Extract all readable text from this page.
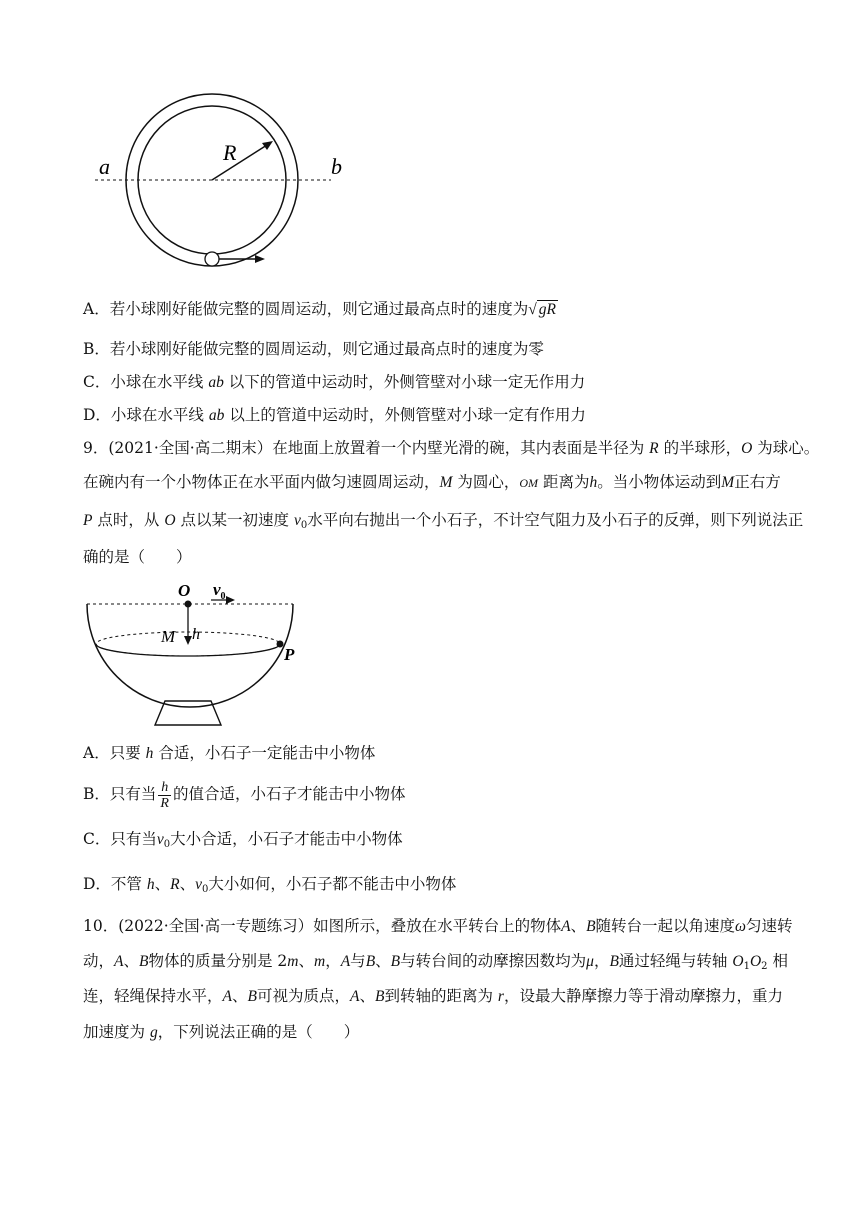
a	b
R
A．若小球刚好能做完整的圆周运动，则它通过最高点时的速度为√ gR
B．若小球刚好能做完整的圆周运动，则它通过最高点时的速度为零
C．小球在水平线 ab 以下的管道中运动时，外侧管壁对小球一定无作用力
D．小球在水平线 ab 以上的管道中运动时，外侧管壁对小球一定有作用力
9．(2021·全国·高二期末）在地面上放置着一个内壁光滑的碗，其内表面是半径为 R 的半球形，O 为球心。
在碗内有一个小物体正在水平面内做匀速圆周运动，M 为圆心，OM 距离为h。当小物体运动到M正右方
P 点时，从 O 点以某一初速度 $v_0$水平向右抛出一个小石子，不计空气阻力及小石子的反弹，则下列说法正
确的是（　　）
O $v_0$
M h
P
A．只要 h 合适，小石子一定能击中小物体
B．只有当 $\frac{h}{R}$ 的值合适，小石子才能击中小物体
C．只有当$v_0$大小合适，小石子才能击中小物体
D．不管 h、R、$v_0$大小如何，小石子都不能击中小物体
10．(2022·全国·高一专题练习）如图所示，叠放在水平转台上的物体A、B随转台一起以角速度ω匀速转
动，A、B物体的质量分别是 2m、m，A与B、B与转台间的动摩擦因数均为μ，B通过轻绳与转轴 $O_1O_2$ 相
连，轻绳保持水平，A、B可视为质点，A、B到转轴的距离为 r，设最大静摩擦力等于滑动摩擦力，重力
加速度为 g，下列说法正确的是（　　）
